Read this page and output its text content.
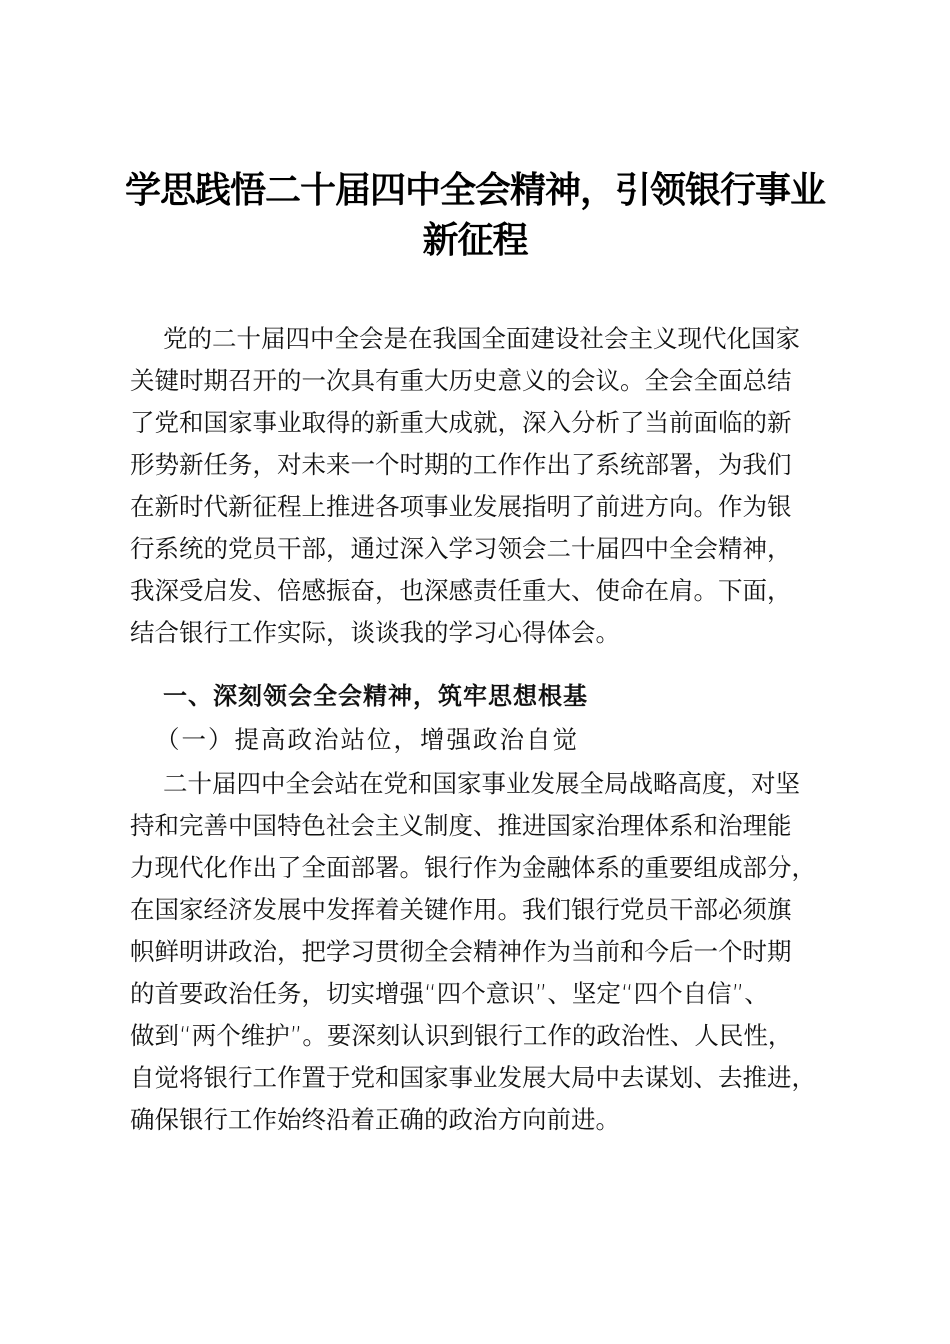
学思践悟二十届四中全会精神，引领银行事业
新征程
党的二十届四中全会是在我国全面建设社会主义现代化国家
关键时期召开的一次具有重大历史意义的会议。全会全面总结
了党和国家事业取得的新重大成就，深入分析了当前面临的新
形势新任务，对未来一个时期的工作作出了系统部署，为我们
在新时代新征程上推进各项事业发展指明了前进方向。作为银
行系统的党员干部，通过深入学习领会二十届四中全会精神，
我深受启发、倍感振奋，也深感责任重大、使命在肩。下面，
结合银行工作实际，谈谈我的学习心得体会。
一、深刻领会全会精神，筑牢思想根基
（一）提高政治站位，增强政治自觉
二十届四中全会站在党和国家事业发展全局战略高度，对坚
持和完善中国特色社会主义制度、推进国家治理体系和治理能
力现代化作出了全面部署。银行作为金融体系的重要组成部分，
在国家经济发展中发挥着关键作用。我们银行党员干部必须旗
帜鲜明讲政治，把学习贯彻全会精神作为当前和今后一个时期
的首要政治任务，切实增强“四个意识”、坚定“四个自信”、
做到“两个维护”。要深刻认识到银行工作的政治性、人民性，
自觉将银行工作置于党和国家事业发展大局中去谋划、去推进，
确保银行工作始终沿着正确的政治方向前进。
